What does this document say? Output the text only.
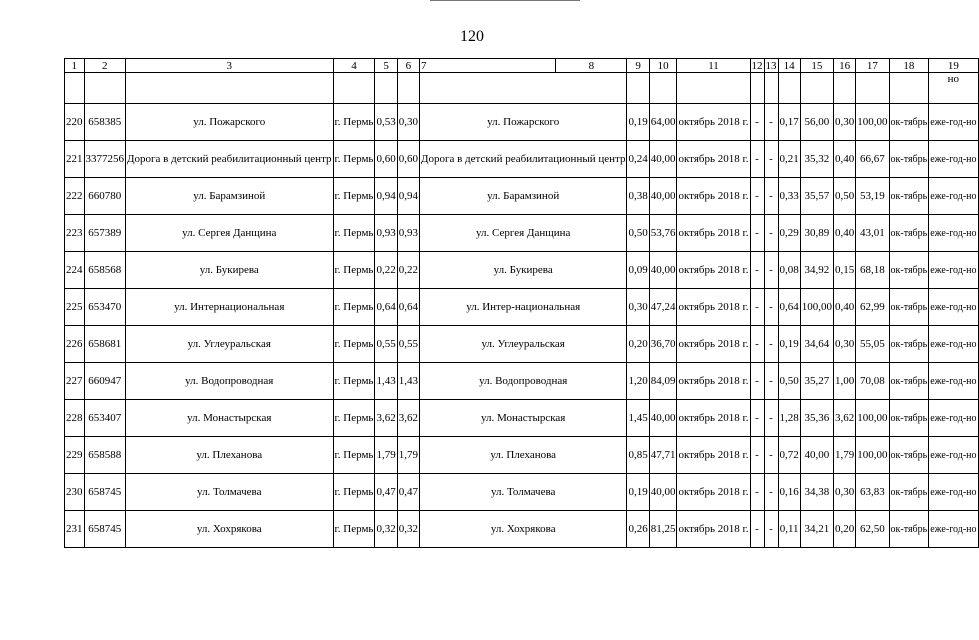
120
1	2	3	4	5	6	7	8	9	10	11	12	13	14	15	16	17	18	19
																		но
220	658385	ул. Пожарского	г. Пермь	0,53	0,30	ул. Пожарского		0,19	64,00	октябрь 2018 г.	-	-	0,17	56,00	0,30	100,00	ок-тябрь	еже-год-но
221	3377256	Дорога в детский реабилитационный центр	г. Пермь	0,60	0,60	Дорога в детский реабилитационный центр		0,24	40,00	октябрь 2018 г.	-	-	0,21	35,32	0,40	66,67	ок-тябрь	еже-год-но
222	660780	ул. Барамзиной	г. Пермь	0,94	0,94	ул. Барамзиной		0,38	40,00	октябрь 2018 г.	-	-	0,33	35,57	0,50	53,19	ок-тябрь	еже-год-но
223	657389	ул. Сергея Данщина	г. Пермь	0,93	0,93	ул. Сергея Данщина		0,50	53,76	октябрь 2018 г.	-	-	0,29	30,89	0,40	43,01	ок-тябрь	еже-год-но
224	658568	ул. Букирева	г. Пермь	0,22	0,22	ул. Букирева		0,09	40,00	октябрь 2018 г.	-	-	0,08	34,92	0,15	68,18	ок-тябрь	еже-год-но
225	653470	ул. Интернациональная	г. Пермь	0,64	0,64	ул. Интер-национальная		0,30	47,24	октябрь 2018 г.	-	-	0,64	100,00	0,40	62,99	ок-тябрь	еже-год-но
226	658681	ул. Углеуральская	г. Пермь	0,55	0,55	ул. Углеуральская		0,20	36,70	октябрь 2018 г.	-	-	0,19	34,64	0,30	55,05	ок-тябрь	еже-год-но
227	660947	ул. Водопроводная	г. Пермь	1,43	1,43	ул. Водопроводная		1,20	84,09	октябрь 2018 г.	-	-	0,50	35,27	1,00	70,08	ок-тябрь	еже-год-но
228	653407	ул. Монастырская	г. Пермь	3,62	3,62	ул. Монастырская		1,45	40,00	октябрь 2018 г.	-	-	1,28	35,36	3,62	100,00	ок-тябрь	еже-год-но
229	658588	ул. Плеханова	г. Пермь	1,79	1,79	ул. Плеханова		0,85	47,71	октябрь 2018 г.	-	-	0,72	40,00	1,79	100,00	ок-тябрь	еже-год-но
230	658745	ул. Толмачева	г. Пермь	0,47	0,47	ул. Толмачева		0,19	40,00	октябрь 2018 г.	-	-	0,16	34,38	0,30	63,83	ок-тябрь	еже-год-но
231	658745	ул. Хохрякова	г. Пермь	0,32	0,32	ул. Хохрякова		0,26	81,25	октябрь 2018 г.	-	-	0,11	34,21	0,20	62,50	ок-тябрь	еже-год-но
